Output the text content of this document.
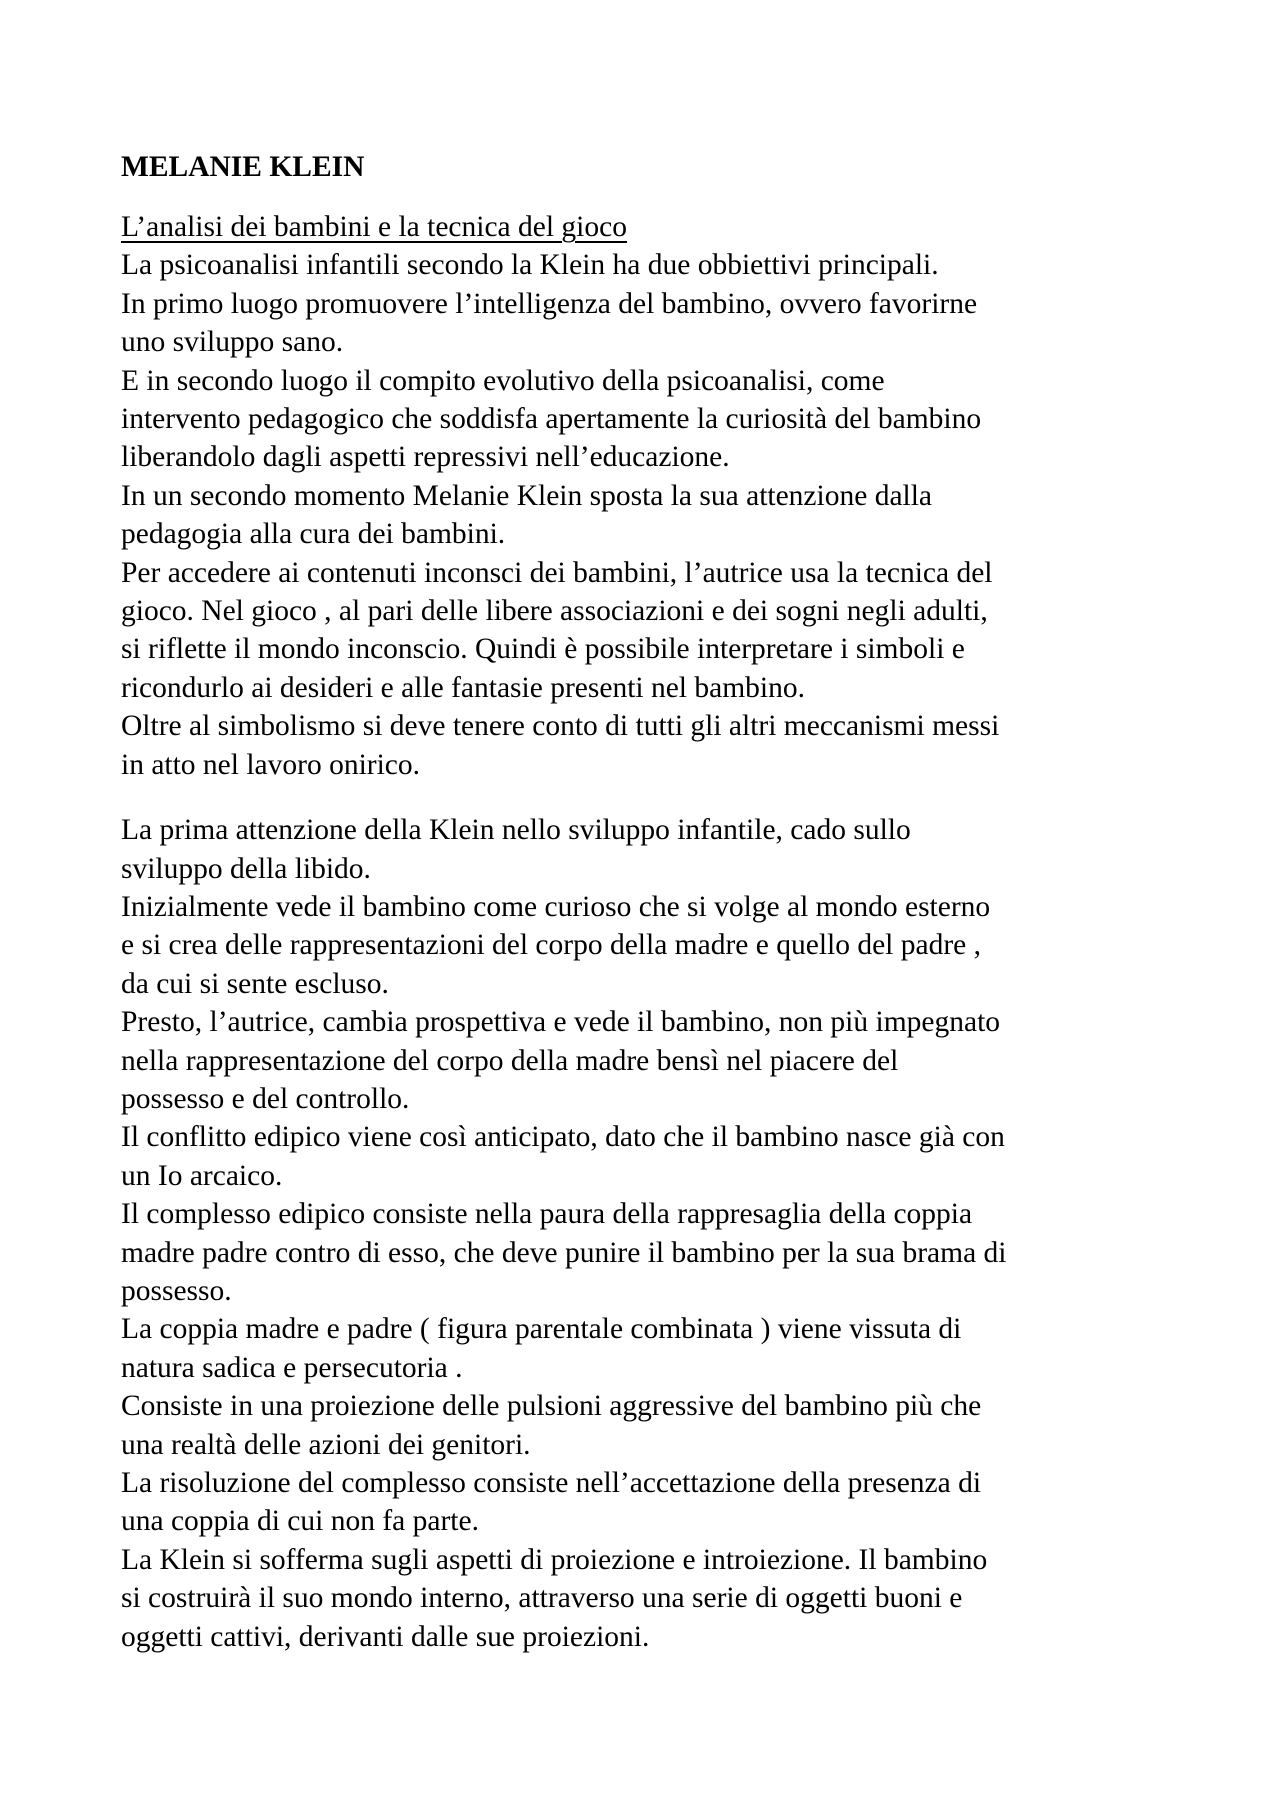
MELANIE KLEIN
L’analisi dei bambini e la tecnica del gioco
La psicoanalisi infantili secondo la Klein ha due obbiettivi principali.
In primo luogo promuovere l’intelligenza del bambino, ovvero favorirne
uno sviluppo sano.
E in secondo luogo il compito evolutivo della psicoanalisi, come
intervento pedagogico che soddisfa apertamente la curiosità del bambino
liberandolo dagli aspetti repressivi nell’educazione.
In un secondo momento Melanie Klein sposta la sua attenzione dalla
pedagogia alla cura dei bambini.
Per accedere ai contenuti inconsci dei bambini, l’autrice usa la tecnica del
gioco. Nel gioco , al pari delle libere associazioni e dei sogni negli adulti,
si riflette il mondo inconscio. Quindi è possibile interpretare i simboli e
ricondurlo ai desideri e alle fantasie presenti nel bambino.
Oltre al simbolismo si deve tenere conto di tutti gli altri meccanismi messi
in atto nel lavoro onirico.
La prima attenzione della Klein nello sviluppo infantile, cado sullo
sviluppo della libido.
Inizialmente vede il bambino come curioso che si volge al mondo esterno
e si crea delle rappresentazioni del corpo della madre e quello del padre ,
da cui si sente escluso.
Presto, l’autrice, cambia prospettiva e vede il bambino, non più impegnato
nella rappresentazione del corpo della madre bensì nel piacere del
possesso e del controllo.
Il conflitto edipico viene così anticipato, dato che il bambino nasce già con
un Io arcaico.
Il complesso edipico consiste nella paura della rappresaglia della coppia
madre padre contro di esso, che deve punire il bambino per la sua brama di
possesso.
La coppia madre e padre ( figura parentale combinata ) viene vissuta di
natura sadica e persecutoria .
Consiste in una proiezione delle pulsioni aggressive del bambino più che
una realtà delle azioni dei genitori.
La risoluzione del complesso consiste nell’accettazione della presenza di
una coppia di cui non fa parte.
La Klein si sofferma sugli aspetti di proiezione e introiezione. Il bambino
si costruirà il suo mondo interno, attraverso una serie di oggetti buoni e
oggetti cattivi, derivanti dalle sue proiezioni.
